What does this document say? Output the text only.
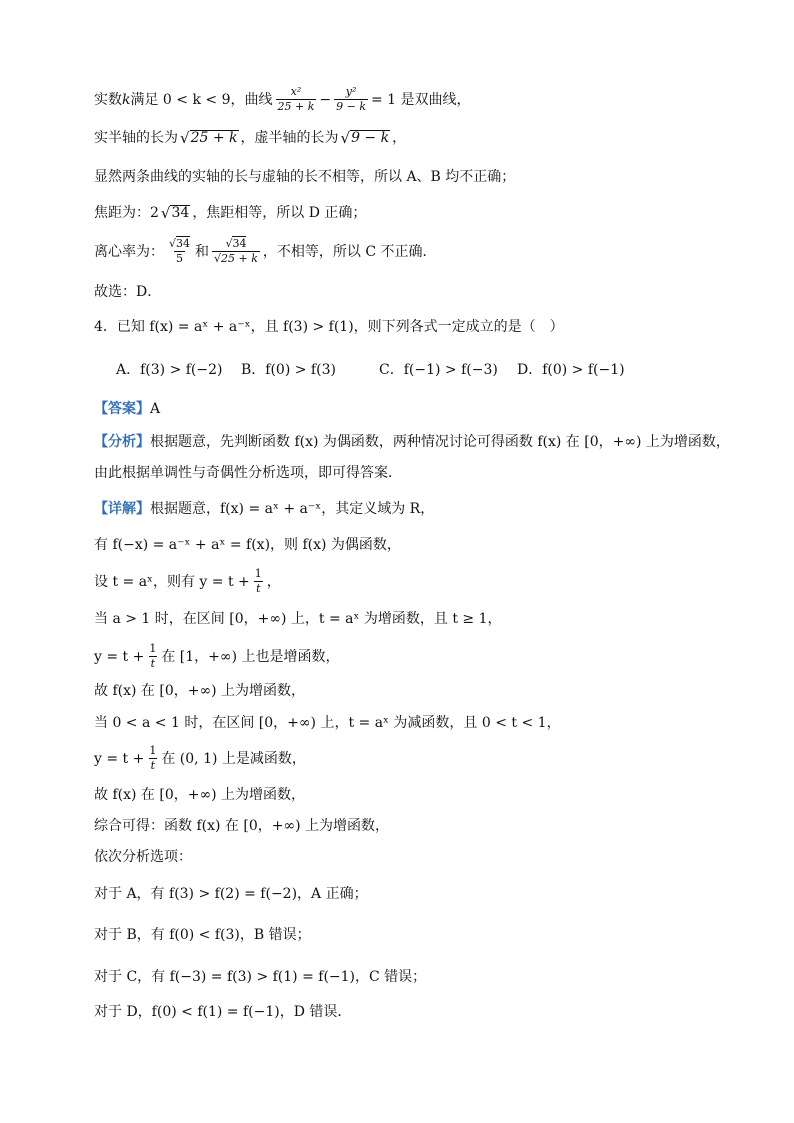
实数 k 满足 0 < k < 9，曲线 $\frac{\text{x²}}{25 + k} - \frac{\text{y²}}{9 - k} = 1$ 是双曲线，
实半轴的长为 √ 25 + k ，虚半轴的长为 √ 9 − k ，
显然两条曲线的实轴的长与虚轴的长不相等，所以 A、B 均不正确；
焦距为：2 √ 34 ，焦距相等，所以 D 正确；
离心率为： $\frac{√34}{5}$ 和 $\frac{√34}{√25 + k}$ ，不相等，所以 C 不正确．
故选：D．
4．已知 f(x) = aˣ + a⁻ˣ，且 f(3) > f(1)，则下列各式一定成立的是（　）
A．f(3) > f(−2)	B．f(0) > f(3)	C．f(−1) > f(−3)	D．f(0) > f(−1)
【答案】 A
【分析】 根据题意，先判断函数 f(x) 为偶函数，两种情况讨论可得函数 f(x) 在 [0，+∞) 上为增函数，
由此根据单调性与奇偶性分析选项，即可得答案．
【详解】 根据题意，f(x) = aˣ + a⁻ˣ，其定义域为 R，
有 f(−x) = a⁻ˣ + aˣ = f(x)，则 f(x) 为偶函数，
设 t = aˣ，则有 $y = t + \frac{1}{t}$ ，
当 a > 1 时，在区间 [0，+∞) 上，t = aˣ 为增函数，且 t ≥ 1，
$y = t + \frac{1}{t}$ 在 [1，+∞) 上也是增函数，
故 f(x) 在 [0，+∞) 上为增函数，
当 0 < a < 1 时，在区间 [0，+∞) 上，t = aˣ 为减函数，且 0 < t < 1，
$y = t + \frac{1}{t}$ 在 (0, 1) 上是减函数，
故 f(x) 在 [0，+∞) 上为增函数，
综合可得：函数 f(x) 在 [0，+∞) 上为增函数，
依次分析选项：
对于 A，有 f(3) > f(2) = f(−2)，A 正确；
对于 B，有 f(0) < f(3)，B 错误；
对于 C，有 f(−3) = f(3) > f(1) = f(−1)，C 错误；
对于 D，f(0) < f(1) = f(−1)，D 错误．
